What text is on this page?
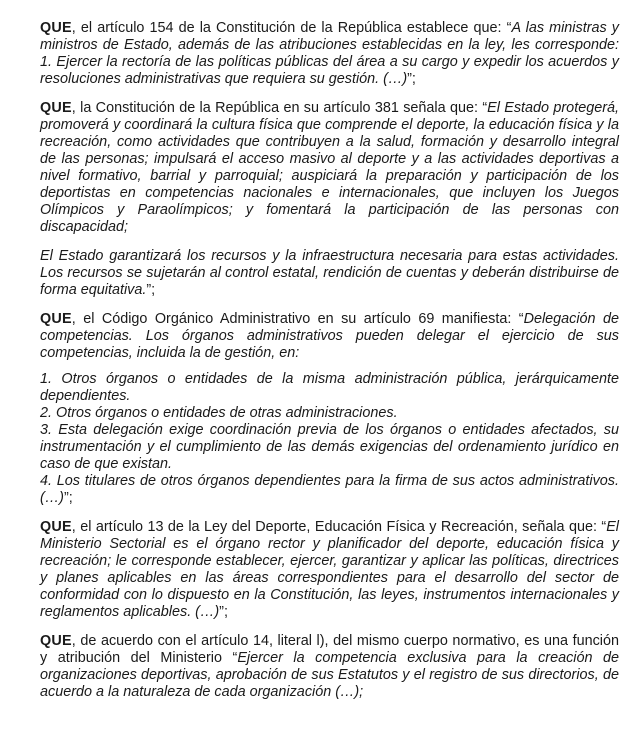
QUE, el artículo 154 de la Constitución de la República establece que: “A las ministras y ministros de Estado, además de las atribuciones establecidas en la ley, les corresponde: 1. Ejercer la rectoría de las políticas públicas del área a su cargo y expedir los acuerdos y resoluciones administrativas que requiera su gestión. (…)”;

QUE, la Constitución de la República en su artículo 381 señala que: “El Estado protegerá, promoverá y coordinará la cultura física que comprende el deporte, la educación física y la recreación, como actividades que contribuyen a la salud, formación y desarrollo integral de las personas; impulsará el acceso masivo al deporte y a las actividades deportivas a nivel formativo, barrial y parroquial; auspiciará la preparación y participación de los deportistas en competencias nacionales e internacionales, que incluyen los Juegos Olímpicos y Paraolímpicos; y fomentará la participación de las personas con discapacidad;

El Estado garantizará los recursos y la infraestructura necesaria para estas actividades. Los recursos se sujetarán al control estatal, rendición de cuentas y deberán distribuirse de forma equitativa.”;

QUE, el Código Orgánico Administrativo en su artículo 69 manifiesta: “Delegación de competencias. Los órganos administrativos pueden delegar el ejercicio de sus competencias, incluida la de gestión, en:

1. Otros órganos o entidades de la misma administración pública, jerárquicamente dependientes.

2. Otros órganos o entidades de otras administraciones.

3. Esta delegación exige coordinación previa de los órganos o entidades afectados, su instrumentación y el cumplimiento de las demás exigencias del ordenamiento jurídico en caso de que existan.

4. Los titulares de otros órganos dependientes para la firma de sus actos administrativos. (…)”;

QUE, el artículo 13 de la Ley del Deporte, Educación Física y Recreación, señala que: “El Ministerio Sectorial es el órgano rector y planificador del deporte, educación física y recreación; le corresponde establecer, ejercer, garantizar y aplicar las políticas, directrices y planes aplicables en las áreas correspondientes para el desarrollo del sector de conformidad con lo dispuesto en la Constitución, las leyes, instrumentos internacionales y reglamentos aplicables. (…)”;

QUE, de acuerdo con el artículo 14, literal l), del mismo cuerpo normativo, es una función y atribución del Ministerio “Ejercer la competencia exclusiva para la creación de organizaciones deportivas, aprobación de sus Estatutos y el registro de sus directorios, de acuerdo a la naturaleza de cada organización (…);
